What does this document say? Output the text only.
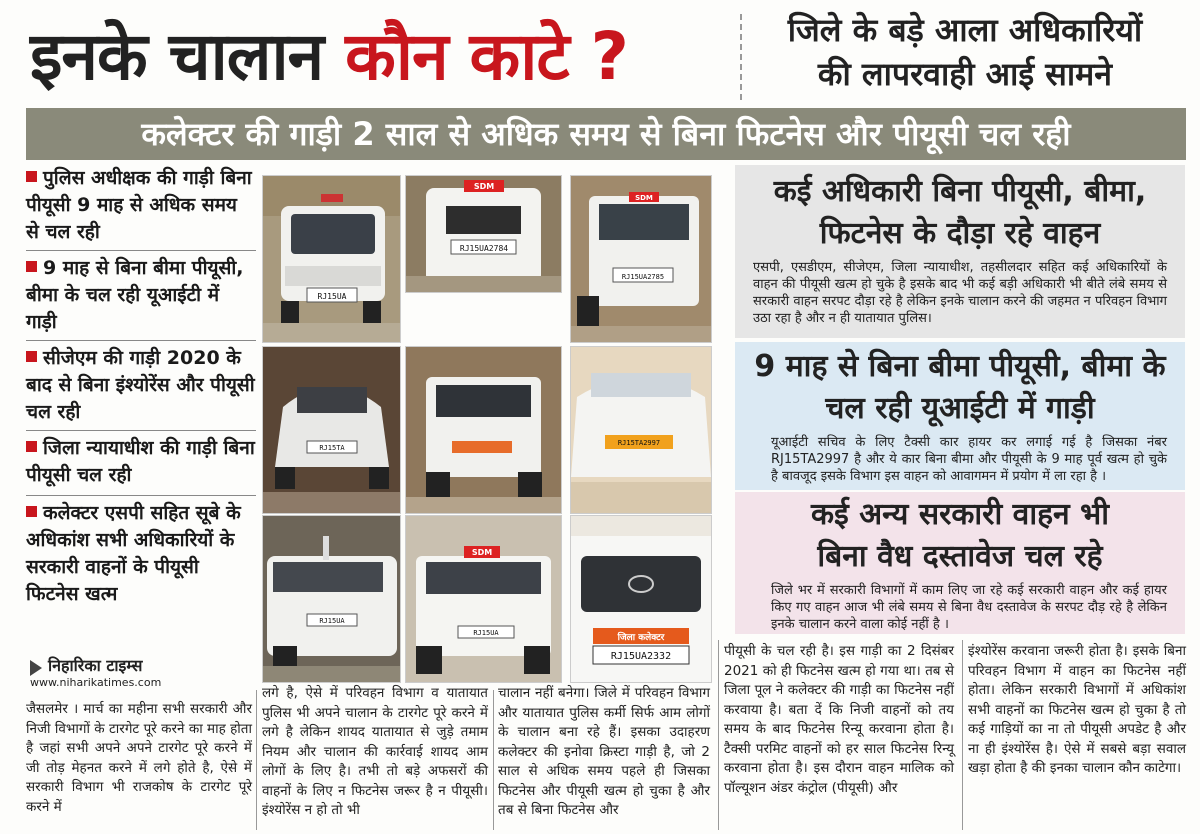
इनके चालान कौन काटे ?	जिले के बड़े आला अधिकारियों
की लापरवाही आई सामने
कलेक्टर की गाड़ी 2 साल से अधिक समय से बिना फिटनेस और पीयूसी चल रही
पुलिस अधीक्षक की गाड़ी बिना पीयूसी 9 माह से अधिक समय से चल रही
9 माह से बिना बीमा पीयूसी, बीमा के चल रही यूआईटी में गाड़ी
सीजेएम की गाड़ी 2020 के बाद से बिना इंश्योरेंस और पीयूसी चल रही
जिला न्यायाधीश की गाड़ी बिना पीयूसी चल रही
कलेक्टर एसपी सहित सूबे के अधिकांश सभी अधिकारियों के सरकारी वाहनों के पीयूसी फिटनेस खत्म
निहारिका टाइम्स
www.niharikatimes.com
RJ15UA
SDM
RJ15UA2784
SDM
RJ15UA2785
RJ15TA
RJ15TA2997
RJ15UA
SDM
RJ15UA	जिला कलेक्टर
RJ15UA2332
कई अधिकारी बिना पीयूसी, बीमा, फिटनेस के दौड़ा रहे वाहन
एसपी, एसडीएम, सीजेएम, जिला न्यायाधीश, तहसीलदार सहित कई अधिकारियों के वाहन की पीयूसी खत्म हो चुके है इसके बाद भी कई बड़ी अधिकारी भी बीते लंबे समय से सरकारी वाहन सरपट दौड़ा रहे है लेकिन इनके चालान करने की जहमत न परिवहन विभाग उठा रहा है और न ही यातायात पुलिस।
9 माह से बिना बीमा पीयूसी, बीमा के चल रही यूआईटी में गाड़ी
यूआईटी सचिव के लिए टैक्सी कार हायर कर लगाई गई है जिसका नंबर RJ15TA2997 है और ये कार बिना बीमा और पीयूसी के 9 माह पूर्व खत्म हो चुके है बावजूद इसके विभाग इस वाहन को आवागमन में प्रयोग में ला रहा है ।
कई अन्य सरकारी वाहन भी बिना वैध दस्तावेज चल रहे
जिले भर में सरकारी विभागों में काम लिए जा रहे कई सरकारी वाहन और कई हायर किए गए वाहन आज भी लंबे समय से बिना वैध दस्तावेज के सरपट दौड़ रहे है लेकिन इनके चालान करने वाला कोई नहीं है ।
जैसलमेर । मार्च का महीना सभी सरकारी और निजी विभागों के टारगेट पूरे करने का माह होता है जहां सभी अपने अपने टारगेट पूरे करने में जी तोड़ मेहनत करने में लगे होते है, ऐसे में सरकारी विभाग भी राजकोष के टारगेट पूरे करने में
लगे है, ऐसे में परिवहन विभाग व यातायात पुलिस भी अपने चालान के टारगेट पूरे करने में लगे है लेकिन शायद यातायात से जुड़े तमाम नियम और चालान की कार्रवाई शायद आम लोगों के लिए है। तभी तो बड़े अफसरों की वाहनों के लिए न फिटनेस जरूर है न पीयूसी। इंश्योरेंस न हो तो भी
चालान नहीं बनेगा। जिले में परिवहन विभाग और यातायात पुलिस कर्मी सिर्फ आम लोगों के चालान बना रहे हैं। इसका उदाहरण कलेक्टर की इनोवा क्रिस्टा गाड़ी है, जो 2 साल से अधिक समय पहले ही जिसका फिटनेस और पीयूसी खत्म हो चुका है और तब से बिना फिटनेस और
पीयूसी के चल रही है। इस गाड़ी का 2 दिसंबर 2021 को ही फिटनेस खत्म हो गया था। तब से जिला पूल ने कलेक्टर की गाड़ी का फिटनेस नहीं करवाया है। बता दें कि निजी वाहनों को तय समय के बाद फिटनेस रिन्यू करवाना होता है। टैक्सी परमिट वाहनों को हर साल फिटनेस रिन्यू करवाना होता है। इस दौरान वाहन मालिक को पॉल्यूशन अंडर कंट्रोल (पीयूसी) और
इंश्योरेंस करवाना जरूरी होता है। इसके बिना परिवहन विभाग में वाहन का फिटनेस नहीं होता। लेकिन सरकारी विभागों में अधिकांश सभी वाहनों का फिटनेस खत्म हो चुका है तो कई गाड़ियों का ना तो पीयूसी अपडेट है और ना ही इंश्योरेंस है। ऐसे में सबसे बड़ा सवाल खड़ा होता है की इनका चालान कौन काटेगा।
